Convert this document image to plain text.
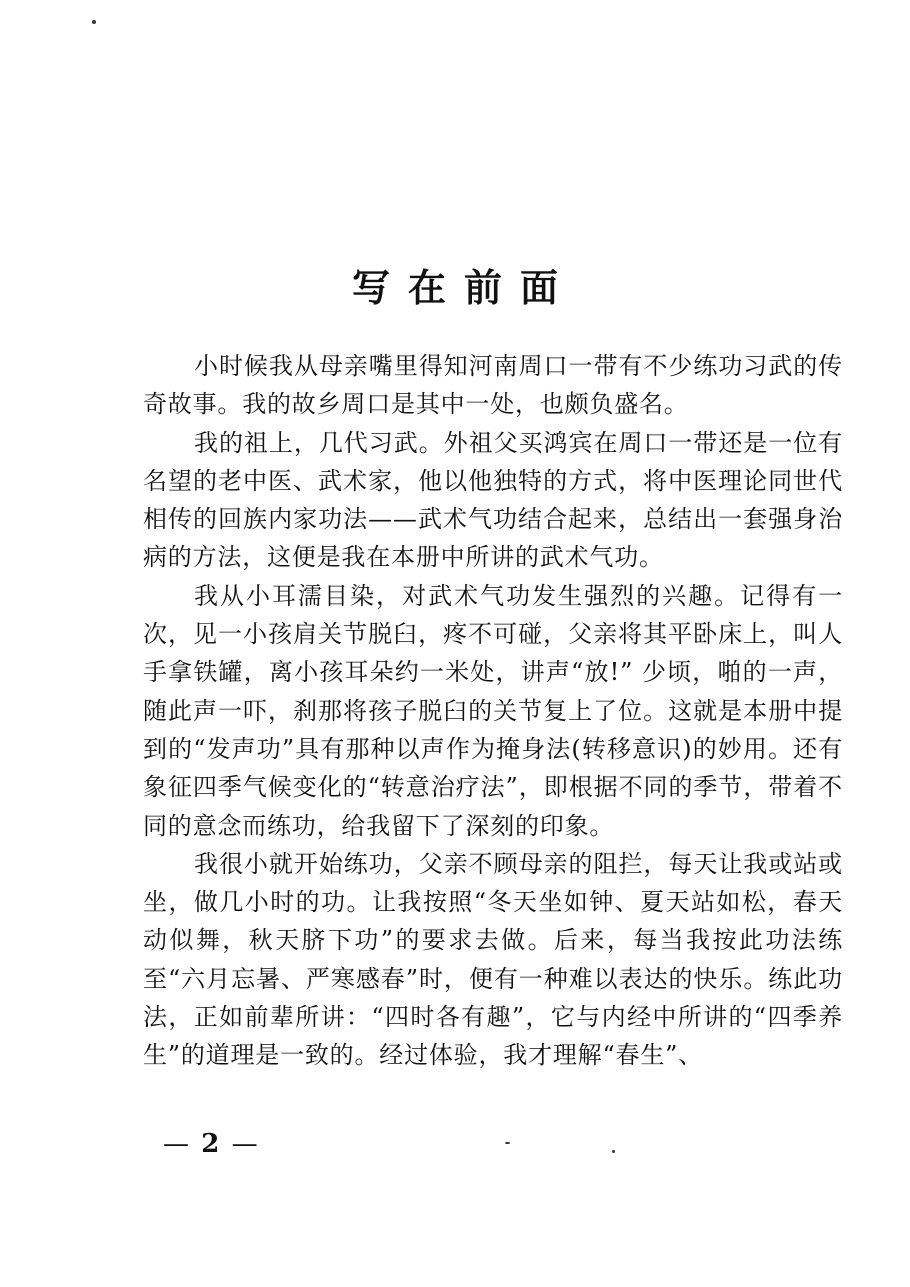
写在前面

小时候我从母亲嘴里得知河南周口一带有不少练功习武的传奇故事。我的故乡周口是其中一处，也颇负盛名。

我的祖上，几代习武。外祖父买鸿宾在周口一带还是一位有名望的老中医、武术家，他以他独特的方式，将中医理论同世代相传的回族内家功法——武术气功结合起来，总结出一套强身治病的方法，这便是我在本册中所讲的武术气功。

我从小耳濡目染，对武术气功发生强烈的兴趣。记得有一次，见一小孩肩关节脱臼，疼不可碰，父亲将其平卧床上，叫人手拿铁罐，离小孩耳朵约一米处，讲声“放!” 少顷，啪的一声，随此声一吓，刹那将孩子脱臼的关节复上了位。这就是本册中提到的“发声功”具有那种以声作为掩身法(转移意识)的妙用。还有象征四季气候变化的“转意治疗法”，即根据不同的季节，带着不同的意念而练功，给我留下了深刻的印象。

我很小就开始练功，父亲不顾母亲的阻拦，每天让我或站或坐，做几小时的功。让我按照“冬天坐如钟、夏天站如松，春天动似舞，秋天脐下功”的要求去做。后来，每当我按此功法练至“六月忘暑、严寒感春”时，便有一种难以表达的快乐。练此功法，正如前辈所讲：“四时各有趣”，它与内经中所讲的“四季养生”的道理是一致的。经过体验，我才理解“春生”、

— 2 —
